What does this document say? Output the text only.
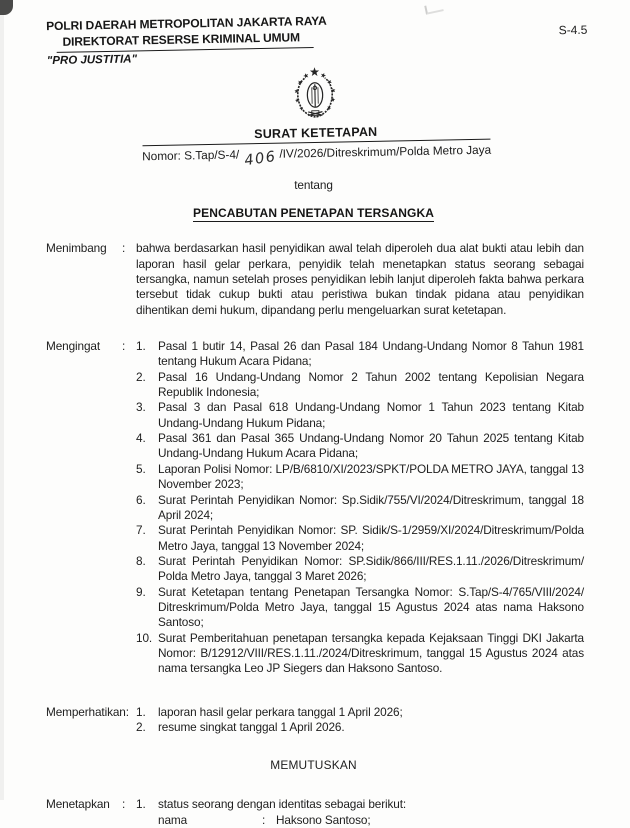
POLRI DAERAH METROPOLITAN JAKARTA RAYA
DIREKTORAT RESERSE KRIMINAL UMUM
"PRO JUSTITIA"
S-4.5
SURAT KETETAPAN
Nomor: S.Tap/S-4/ 406 /IV/2026/Ditreskrimum/Polda Metro Jaya
tentang
PENCABUTAN PENETAPAN TERSANGKA
Menimbang	: bahwa berdasarkan hasil penyidikan awal telah diperoleh dua alat bukti atau lebih dan laporan hasil gelar perkara, penyidik telah menetapkan status seorang sebagai tersangka, namun setelah proses penyidikan lebih lanjut diperoleh fakta bahwa perkara tersebut tidak cukup bukti atau peristiwa bukan tindak pidana atau penyidikan dihentikan demi hukum, dipandang perlu mengeluarkan surat ketetapan.
Mengingat	:	Pasal 1 butir 14, Pasal 26 dan Pasal 184 Undang-Undang Nomor 8 Tahun 1981 tentang Hukum Acara Pidana;
Pasal 16 Undang-Undang Nomor 2 Tahun 2002 tentang Kepolisian Negara Republik Indonesia;
Pasal 3 dan Pasal 618 Undang-Undang Nomor 1 Tahun 2023 tentang Kitab Undang-Undang Hukum Pidana;
Pasal 361 dan Pasal 365 Undang-Undang Nomor 20 Tahun 2025 tentang Kitab Undang-Undang Hukum Acara Pidana;
Laporan Polisi Nomor: LP/B/6810/XI/2023/SPKT/POLDA METRO JAYA, tanggal 13 November 2023;
Surat Perintah Penyidikan Nomor: Sp.Sidik/755/VI/2024/Ditreskrimum, tanggal 18 April 2024;
Surat Perintah Penyidikan Nomor: SP. Sidik/S-1/2959/XI/2024/Ditreskrimum/Polda Metro Jaya, tanggal 13 November 2024;
Surat Perintah Penyidikan Nomor: SP.Sidik/866/III/RES.1.11./2026/Ditreskrimum/ Polda Metro Jaya, tanggal 3 Maret 2026;
Surat Ketetapan tentang Penetapan Tersangka Nomor: S.Tap/S-4/765/VIII/2024/ Ditreskrimum/Polda Metro Jaya, tanggal 15 Agustus 2024 atas nama Haksono Santoso;
Surat Pemberitahuan penetapan tersangka kepada Kejaksaan Tinggi DKI Jakarta Nomor: B/12912/VIII/RES.1.11./2024/Ditreskrimum, tanggal 15 Agustus 2024 atas nama tersangka Leo JP Siegers dan Haksono Santoso.
Memperhatikan:	laporan hasil gelar perkara tanggal 1 April 2026;
resume singkat tanggal 1 April 2026.
MEMUTUSKAN
Menetapkan	: 1. status seorang dengan identitas sebagai berikut:
nama	: Haksono Santoso;
